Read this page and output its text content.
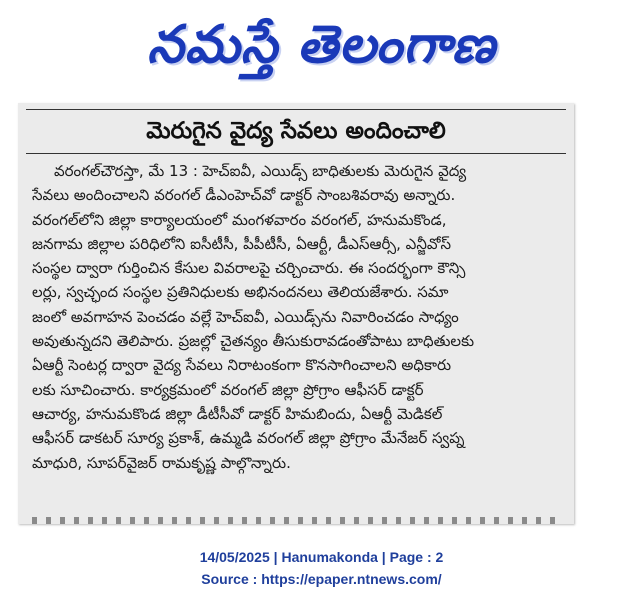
నమస్తే తెలంగాణ
మెరుగైన వైద్య సేవలు అందించాలి
వరంగల్‌చౌరస్తా, మే 13 : హెచ్ఐవీ, ఎయిడ్స్ బాధితులకు మెరుగైన వైద్య
సేవలు అందించాలని వరంగల్ డీఎంహెచ్‌వో డాక్టర్ సాంబశివరావు అన్నారు.
వరంగల్‌లోని జిల్లా కార్యాలయంలో మంగళవారం వరంగల్, హనుమకొండ,
జనగామ జిల్లాల పరిధిలోని ఐసీటీసీ, పీపీటీసీ, ఏఆర్టీ, డీఎస్ఆర్సీ, ఎన్జీవోస్
సంస్థల ద్వారా గుర్తించిన కేసుల వివరాలపై చర్చించారు. ఈ సందర్భంగా కౌన్సి
లర్లు, స్వచ్ఛంద సంస్థల ప్రతినిధులకు అభినందనలు తెలియజేశారు. సమా
జంలో అవగాహన పెంచడం వల్లే హెచ్ఐవీ, ఎయిడ్స్‌ను నివారించడం సాధ్యం
అవుతున్నదని తెలిపారు. ప్రజల్లో చైతన్యం తీసుకురావడంతోపాటు బాధితులకు
ఏఆర్టీ సెంటర్ల ద్వారా వైద్య సేవలు నిరాటంకంగా కొనసాగించాలని అధికారు
లకు సూచించారు. కార్యక్రమంలో వరంగల్ జిల్లా ప్రోగ్రాం ఆఫీసర్ డాక్టర్
ఆచార్య, హనుమకొండ జిల్లా డీటీసీవో డాక్టర్ హిమబిందు, ఏఆర్టీ మెడికల్
ఆఫీసర్ డాకటర్ సూర్య ప్రకాశ్, ఉమ్మడి వరంగల్ జిల్లా ప్రోగ్రాం మేనేజర్ స్వప్న
మాధురి, సూపర్‌వైజర్ రామకృష్ణ పాల్గొన్నారు.
14/05/2025 | Hanumakonda | Page : 2
Source : https://epaper.ntnews.com/
